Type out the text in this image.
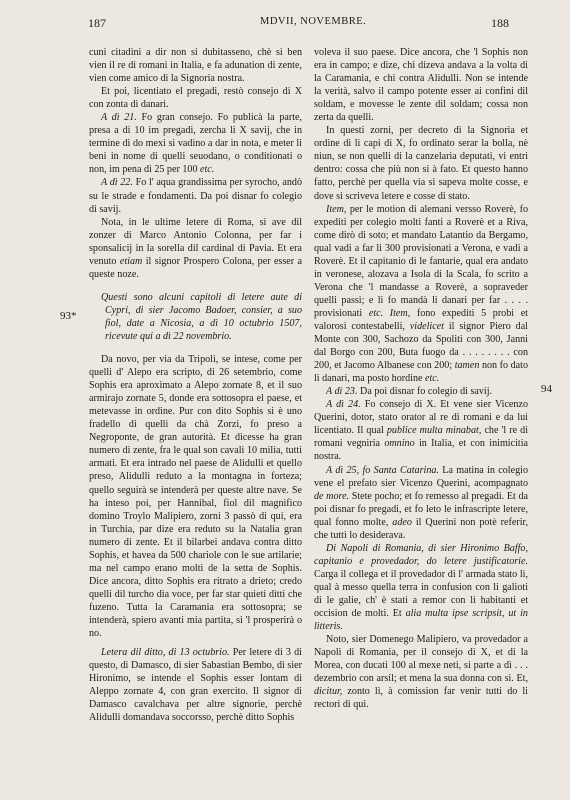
187	MDVII, NOVEMBRE.	188
93*
94

cuni citadini a dir non si dubitasseno, chè si ben vien il re di romani in Italia, e fa adunation di zente, vien come amico di la Signoria nostra.

Et poi, licentiato el pregadi, restò consejo di X con zonta di danari.

A dì 21. Fo gran consejo. Fo publicà la parte, presa a dì 10 im pregadi, zercha li X savij, che in termine di do mexi si vadino a dar in nota, e meter li beni in nome di quelli seuodano, o conditionati o non, im pena di 25 per 100 etc.

A dì 22. Fo l' aqua grandissima per syrocho, andò su le strade e fondamenti. Da poi disnar fo colegio di savij.

Nota, in le ultime letere di Roma, si ave dil zonzer di Marco Antonio Colonna, per far i sponsalicij in la sorella dil cardinal di Pavia. Et era venuto etiam il signor Prospero Colona, per esser a queste noze.

Questi sono alcuni capitoli di letere aute di Cypri, di sier Jacomo Badoer, consier, a suo fiol, date a Nicosia, a dì 10 octubrio 1507, ricevute qui a dì 22 novembrio.

Da novo, per via da Tripoli, se intese, come per quelli d' Alepo era scripto, di 26 setembrio, come Sophis era aproximato a Alepo zornate 8, et il suo armirajo zornate 5, donde era sottosopra el paese, et metevasse in ordine. Pur con dito Sophis si è uno fradello di quelli da chà Zorzi, fo preso a Negroponte, de gran autorità. Et dicesse ha gran numero di zente, fra le qual son cavali 10 milia, tutti armati. Et era intrado nel paese de Alidulli et quello preso, Alidulli reduto a la montagna in forteza; quello seguirà se intenderà per queste altre nave. Se ha inteso poi, per Hannibal, fiol dil magnifico domino Troylo Malipiero, zorni 3 passò di qui, era in Turchia, par dize era reduto su la Natalia gran numero di zente. Et il bilarbei andava contra ditto Sophis, et havea da 500 chariole con le sue artilarie; ma nel campo erano molti de la setta de Sophis. Dice ancora, ditto Sophis era ritrato a drieto; credo quelli dil turcho dia voce, per far star quieti ditti che fuzeno. Tutta la Caramania era sottosopra; se intenderà, spiero avanti mia partita, si 'l prosperirà o no.

Letera dil ditto, di 13 octubrio. Per letere di 3 di questo, di Damasco, di sier Sabastian Bembo, di sier Hironimo, se intende el Sophis esser lontam di Aleppo zornate 4, con gran exercito. Il signor di Damasco cavalchava per altre signorie, perchè Alidulli domandava soccorsso, perchè ditto Sophis

voleva il suo paese. Dice ancora, che 'l Sophis non era in campo; e dize, chi dizeva andava a la volta di la Caramania, e chi contra Alidulli. Non se intende la verità, salvo il campo potente esser ai confini dil soldam, e movesse le zente dil soldam; cossa non zerta da quelli.

In questi zorni, per decreto di la Signoria et ordine di li capi di X, fo ordinato serar la bolla, nè niun, se non quelli di la canzelaria deputati, vi entri dentro: cossa che più non si à fato. Et questo hanno fatto, perchè per quella via si sapeva molte cosse, e dove si scriveva letere e cosse di stato.

Item, per le motion di alemani versso Roverè, fo expediti per colegio molti fanti a Roverè et a Riva, come dirò di soto; et mandato Latantio da Bergamo, qual vadi a far li 300 provisionati a Verona, e vadi a Roverè. Et il capitanio di le fantarie, qual era andato in veronese, alozava a Isola di la Scala, fo scrito a Verona che 'l mandasse a Roverè, a sopraveder quelli passi; e li fo mandà li danari per far . . . . provisionati etc. Item, fono expediti 5 probi et valorosi contestabelli, videlicet il signor Piero dal Monte con 300, Sachozo da Spoliti con 300, Janni dal Borgo con 200, Buta fuogo da . . . . . . . . con 200, et Jacomo Albanese con 200; tamen non fo dato li danari, ma posto hordine etc.

A dì 23. Da poi disnar fo colegio di savij.

A dì 24. Fo consejo di X. Et vene sier Vicenzo Querini, dotor, stato orator al re di romani e da lui licentiato. Il qual publice multa minabat, che 'l re di romani vegniria omnino in Italia, et con inimicitia nostra.

A dì 25, fo Santa Catarina. La matina in colegio vene el prefato sier Vicenzo Querini, acompagnato de more. Stete pocho; et fo remesso al pregadi. Et da poi disnar fo pregadi, et fo leto le infrascripte letere, qual fonno molte, adeo il Querini non potè referir, che tutti lo desiderava.

Di Napoli di Romania, di sier Hironimo Baffo, capitanio e provedador, do letere justificatorie. Carga il collega et il provedador di l' armada stato lì, qual à messo quella terra in confusion con li galioti di le galie, ch' è stati a remor con li habitanti et occision de molti. Et alia multa ipse scripsit, ut in litteris.

Noto, sier Domenego Malipiero, va provedador a Napoli di Romania, per il consejo di X, et di la Morea, con ducati 100 al mexe neti, si parte a dì . . . dezembrio con arsil; et mena la sua donna con si. Et, dicitur, zonto lì, à comission far venir tutti do li rectori di qui.
